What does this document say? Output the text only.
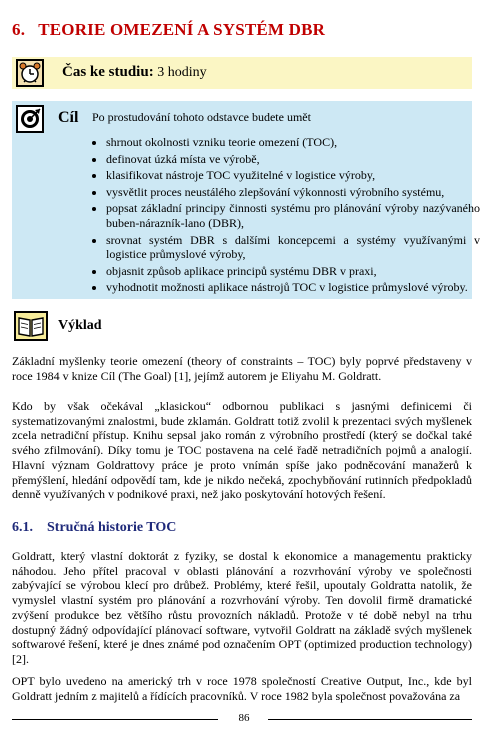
6. TEORIE OMEZENÍ A SYSTÉM DBR
Čas ke studiu: 3 hodiny
Cíl Po prostudování tohoto odstavce budete umět
• shrnout okolnosti vzniku teorie omezení (TOC),
• definovat úzká místa ve výrobě,
• klasifikovat nástroje TOC využitelné v logistice výroby,
• vysvětlit proces neustálého zlepšování výkonnosti výrobního systému,
• popsat základní principy činnosti systému pro plánování výroby nazývaného buben-nárazník-lano (DBR),
• srovnat systém DBR s dalšími koncepcemi a systémy využívanými v logistice průmyslové výroby,
• objasnit způsob aplikace principů systému DBR v praxi,
• vyhodnotit možnosti aplikace nástrojů TOC v logistice průmyslové výroby.
Výklad

Základní myšlenky teorie omezení (theory of constraints – TOC) byly poprvé představeny v roce 1984 v knize Cíl (The Goal) [1], jejímž autorem je Eliyahu M. Goldratt.

Kdo by však očekával „klasickou“ odbornou publikaci s jasnými definicemi či systematizovanými znalostmi, bude zklamán. Goldratt totiž zvolil k prezentaci svých myšlenek zcela netradiční přístup. Knihu sepsal jako román z výrobního prostředí (který se dočkal také svého zfilmování). Díky tomu je TOC postavena na celé řadě netradičních pojmů a analogií. Hlavní význam Goldrattovy práce je proto vnímán spíše jako podněcování manažerů k přemýšlení, hledání odpovědí tam, kde je nikdo nečeká, zpochybňování rutinních předpokladů denně využívaných v podnikové praxi, než jako poskytování hotových řešení.

6.1. Stručná historie TOC

Goldratt, který vlastní doktorát z fyziky, se dostal k ekonomice a managementu prakticky náhodou. Jeho přítel pracoval v oblasti plánování a rozvrhování výroby ve společnosti zabývající se výrobou klecí pro drůbež. Problémy, které řešil, upoutaly Goldratta natolik, že vymyslel vlastní systém pro plánování a rozvrhování výroby. Ten dovolil firmě dramatické zvýšení produkce bez většího růstu provozních nákladů. Protože v té době nebyl na trhu dostupný žádný odpovídající plánovací software, vytvořil Goldratt na základě svých myšlenek softwarové řešení, které je dnes známé pod označením OPT (optimized production technology) [2].

OPT bylo uvedeno na americký trh v roce 1978 společností Creative Output, Inc., kde byl Goldratt jedním z majitelů a řídících pracovníků. V roce 1982 byla společnost považována za

86
